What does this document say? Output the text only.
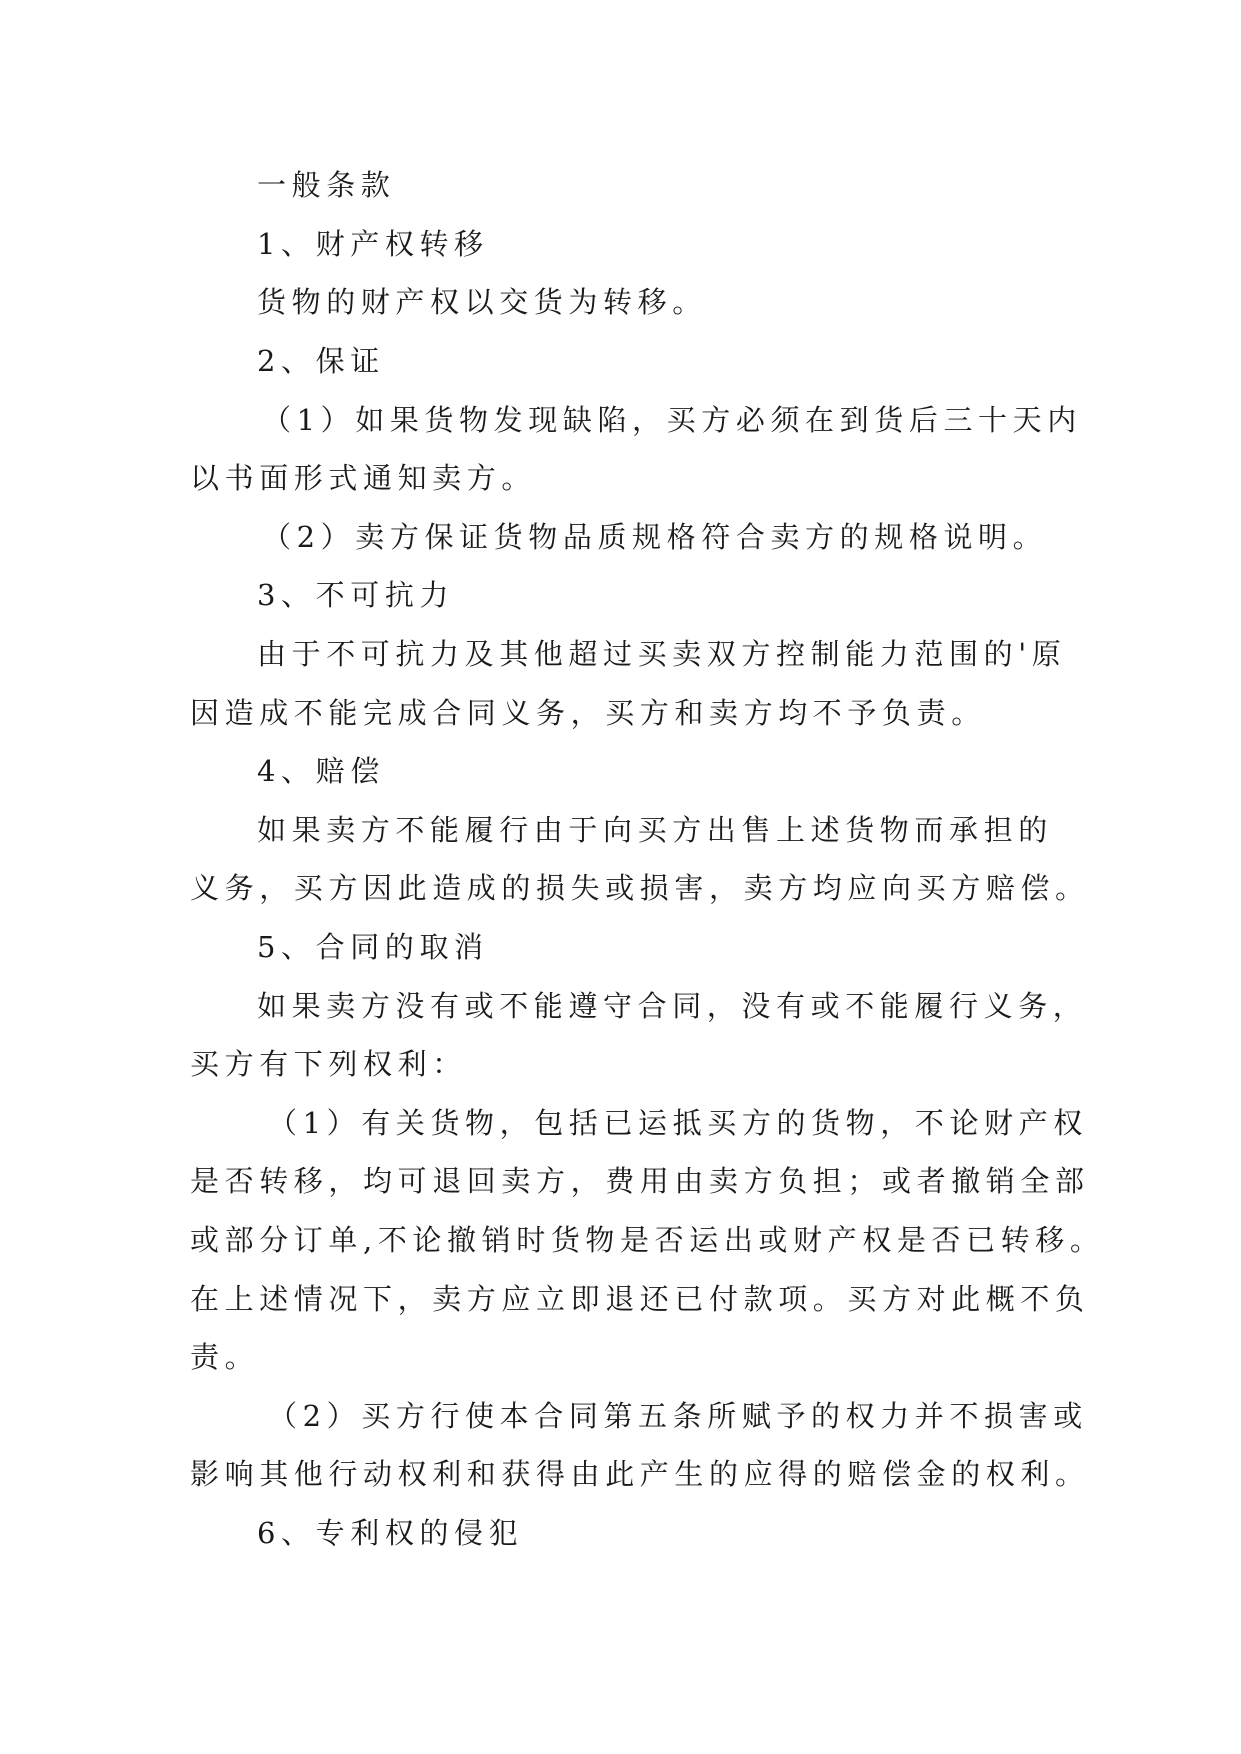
一般条款
1、财产权转移
货物的财产权以交货为转移。
2、保证
（1）如果货物发现缺陷，买方必须在到货后三十天内
以书面形式通知卖方。
（2）卖方保证货物品质规格符合卖方的规格说明。
3、不可抗力
由于不可抗力及其他超过买卖双方控制能力范围的'原
因造成不能完成合同义务，买方和卖方均不予负责。
4、赔偿
如果卖方不能履行由于向买方出售上述货物而承担的
义务，买方因此造成的损失或损害，卖方均应向买方赔偿。
5、合同的取消
如果卖方没有或不能遵守合同，没有或不能履行义务，
买方有下列权利：
（1）有关货物，包括已运抵买方的货物，不论财产权
是否转移，均可退回卖方，费用由卖方负担；或者撤销全部
或部分订单,不论撤销时货物是否运出或财产权是否已转移。
在上述情况下，卖方应立即退还已付款项。买方对此概不负
责。
（2）买方行使本合同第五条所赋予的权力并不损害或
影响其他行动权利和获得由此产生的应得的赔偿金的权利。
6、专利权的侵犯
